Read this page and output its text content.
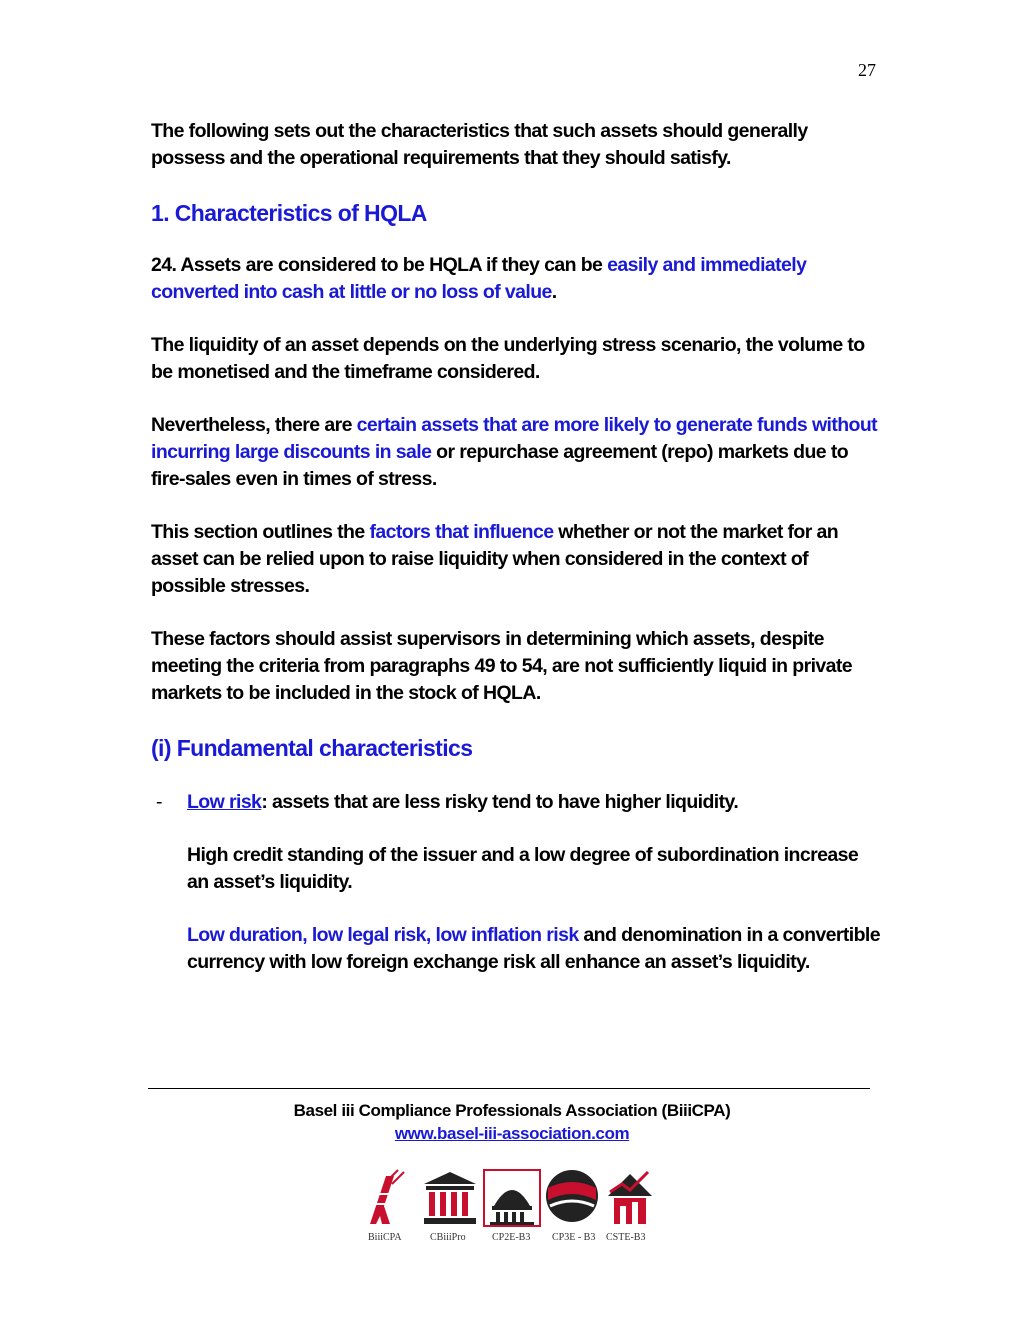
27

The following sets out the characteristics that such assets should generally possess and the operational requirements that they should satisfy.

1. Characteristics of HQLA

24. Assets are considered to be HQLA if they can be easily and immediately converted into cash at little or no loss of value.

The liquidity of an asset depends on the underlying stress scenario, the volume to be monetised and the timeframe considered.

Nevertheless, there are certain assets that are more likely to generate funds without incurring large discounts in sale or repurchase agreement (repo) markets due to fire-sales even in times of stress.

This section outlines the factors that influence whether or not the market for an asset can be relied upon to raise liquidity when considered in the context of possible stresses.

These factors should assist supervisors in determining which assets, despite meeting the criteria from paragraphs 49 to 54, are not sufficiently liquid in private markets to be included in the stock of HQLA.

(i) Fundamental characteristics
- Low risk: assets that are less risky tend to have higher liquidity.

High credit standing of the issuer and a low degree of subordination increase an asset’s liquidity.

Low duration, low legal risk, low inflation risk and denomination in a convertible currency with low foreign exchange risk all enhance an asset’s liquidity.

Basel iii Compliance Professionals Association (BiiiCPA)
www.basel-iii-association.com
BiiiCPA	CBiiiPro	CP2E-B3 CP3E - B3 CSTE-B3
